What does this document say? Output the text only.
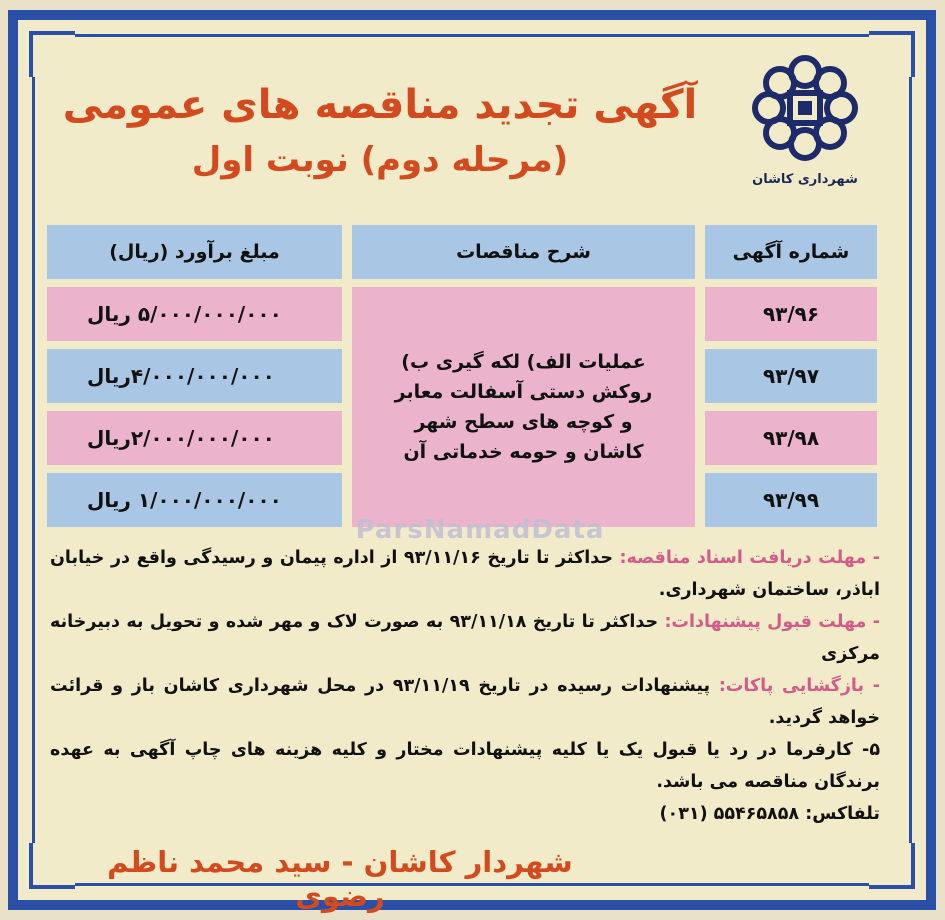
شهرداری کاشان
آگهی تجدید مناقصه های عمومی
(مرحله دوم) نوبت اول
شماره آگهی
شرح مناقصات
مبلغ برآورد (ریال)
۹۳/۹۶
۹۳/۹۷
۹۳/۹۸
۹۳/۹۹
عملیات الف) لکه گیری ب) روکش دستی آسفالت معابر و کوچه های سطح شهر کاشان و حومه خدماتی آن
۵/۰۰۰/۰۰۰/۰۰۰ ریال
۴/۰۰۰/۰۰۰/۰۰۰ریال
۲/۰۰۰/۰۰۰/۰۰۰ریال
۱/۰۰۰/۰۰۰/۰۰۰ ریال
ParsNamadData

- مهلت دریافت اسناد مناقصه: حداکثر تا تاریخ ۹۳/۱۱/۱۶ از اداره پیمان و رسیدگی واقع در خیابان اباذر، ساختمان شهرداری.

- مهلت قبول پیشنهادات: حداکثر تا تاریخ ۹۳/۱۱/۱۸ به صورت لاک و مهر شده و تحویل به دبیرخانه مرکزی

- بازگشایی پاکات: پیشنهادات رسیده در تاریخ ۹۳/۱۱/۱۹ در محل شهرداری کاشان باز و قرائت خواهد گردید.

۵- کارفرما در رد یا قبول یک یا کلیه پیشنهادات مختار و کلیه هزینه های چاپ آگهی به عهده برندگان مناقصه می باشد.

تلفاکس: ۵۵۴۶۵۸۵۸ (۰۳۱)

شهردار کاشان - سید محمد ناظم رضوی
